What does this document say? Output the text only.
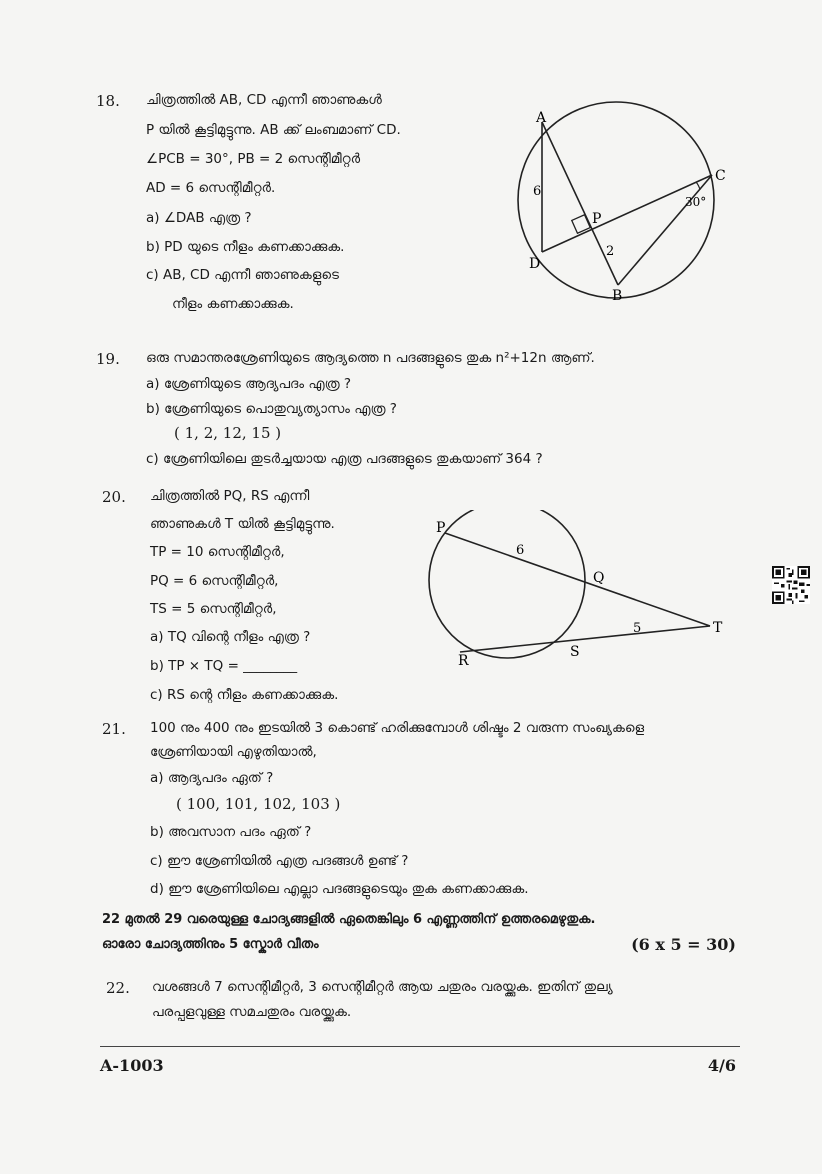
18. ചിത്രത്തിൽ AB, CD എന്നീ ഞാണുകൾ
P യിൽ കൂട്ടിമുട്ടുന്നു. AB ക്ക് ലംബമാണ് CD.
∠PCB = 30°, PB = 2 സെന്റിമീറ്റർ
AD = 6 സെന്റിമീറ്റർ.
a) ∠DAB എത്ര ?
b) PD യുടെ നീളം കണക്കാക്കുക.
c) AB, CD എന്നീ ഞാണുകളുടെ
നീളം കണക്കാക്കുക.
A
C
D
B
P
6
2
30°
19. ഒരു സമാന്തരശ്രേണിയുടെ ആദ്യത്തെ n പദങ്ങളുടെ തുക n²+12n ആണ്.
a) ശ്രേണിയുടെ ആദ്യപദം എത്ര ?
b) ശ്രേണിയുടെ പൊതുവ്യത്യാസം എത്ര ?
( 1, 2, 12, 15 )
c) ശ്രേണിയിലെ തുടർച്ചയായ എത്ര പദങ്ങളുടെ തുകയാണ് 364 ?
20. ചിത്രത്തിൽ PQ, RS എന്നീ
ഞാണുകൾ T യിൽ കൂട്ടിമുട്ടുന്നു.
TP = 10 സെന്റിമീറ്റർ,
PQ = 6 സെന്റിമീറ്റർ,
TS = 5 സെന്റിമീറ്റർ,
a) TQ വിന്റെ നീളം എത്ര ?
b) TP × TQ = ________
c) RS ന്റെ നീളം കണക്കാക്കുക.
P
Q
R
S
T
6
5
21. 100 നും 400 നും ഇടയിൽ 3 കൊണ്ട് ഹരിക്കുമ്പോൾ ശിഷ്ടം 2 വരുന്ന സംഖ്യകളെ
ശ്രേണിയായി എഴുതിയാൽ,
a) ആദ്യപദം ഏത് ?
( 100, 101, 102, 103 )
b) അവസാന പദം ഏത് ?
c) ഈ ശ്രേണിയിൽ എത്ര പദങ്ങൾ ഉണ്ട് ?
d) ഈ ശ്രേണിയിലെ എല്ലാ പദങ്ങളുടെയും തുക കണക്കാക്കുക.
22 മുതൽ 29 വരെയുള്ള ചോദ്യങ്ങളിൽ ഏതെങ്കിലും 6 എണ്ണത്തിന് ഉത്തരമെഴുതുക.
ഓരോ ചോദ്യത്തിനും 5 സ്കോർ വീതം	(6 x 5 = 30)
22. വശങ്ങൾ 7 സെന്റിമീറ്റർ, 3 സെന്റിമീറ്റർ ആയ ചതുരം വരയ്ക്കുക. ഇതിന് തുല്യ
പരപ്പളവുള്ള സമചതുരം വരയ്ക്കുക.
A-1003	4/6
